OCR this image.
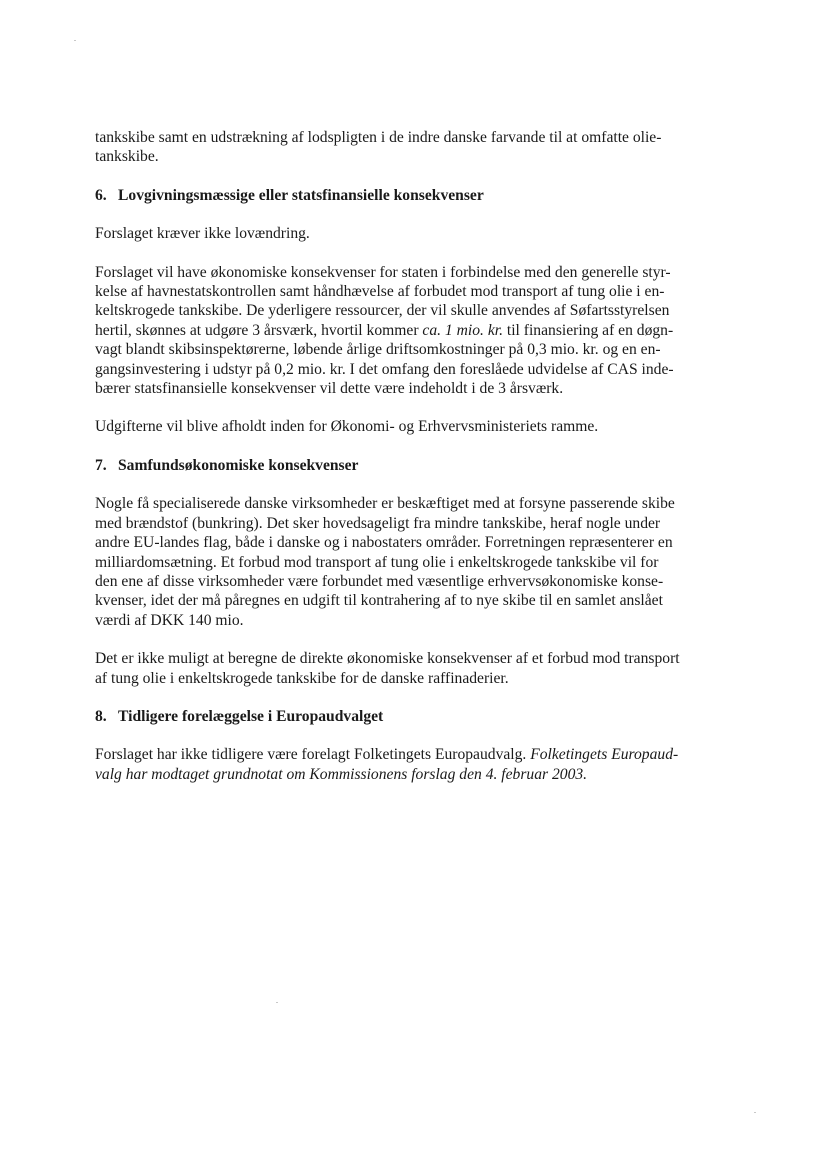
tankskibe samt en udstrækning af lodspligten i de indre danske farvande til at omfatte olie-
tankskibe.
6. Lovgivningsmæssige eller statsfinansielle konsekvenser
Forslaget kræver ikke lovændring.
Forslaget vil have økonomiske konsekvenser for staten i forbindelse med den generelle styr-
kelse af havnestatskontrollen samt håndhævelse af forbudet mod transport af tung olie i en-
keltskrogede tankskibe. De yderligere ressourcer, der vil skulle anvendes af Søfartsstyrelsen
hertil, skønnes at udgøre 3 årsværk, hvortil kommer ca. 1 mio. kr. til finansiering af en døgn-
vagt blandt skibsinspektørerne, løbende årlige driftsomkostninger på 0,3 mio. kr. og en en-
gangsinvestering i udstyr på 0,2 mio. kr. I det omfang den foreslåede udvidelse af CAS inde-
bærer statsfinansielle konsekvenser vil dette være indeholdt i de 3 årsværk.
Udgifterne vil blive afholdt inden for Økonomi- og Erhvervsministeriets ramme.
7. Samfundsøkonomiske konsekvenser
Nogle få specialiserede danske virksomheder er beskæftiget med at forsyne passerende skibe
med brændstof (bunkring). Det sker hovedsageligt fra mindre tankskibe, heraf nogle under
andre EU-landes flag, både i danske og i nabostaters områder. Forretningen repræsenterer en
milliardomsætning. Et forbud mod transport af tung olie i enkeltskrogede tankskibe vil for
den ene af disse virksomheder være forbundet med væsentlige erhvervsøkonomiske konse-
kvenser, idet der må påregnes en udgift til kontrahering af to nye skibe til en samlet anslået
værdi af DKK 140 mio.
Det er ikke muligt at beregne de direkte økonomiske konsekvenser af et forbud mod transport
af tung olie i enkeltskrogede tankskibe for de danske raffinaderier.
8. Tidligere forelæggelse i Europaudvalget
Forslaget har ikke tidligere være forelagt Folketingets Europaudvalg. Folketingets Europaud-
valg har modtaget grundnotat om Kommissionens forslag den 4. februar 2003.
